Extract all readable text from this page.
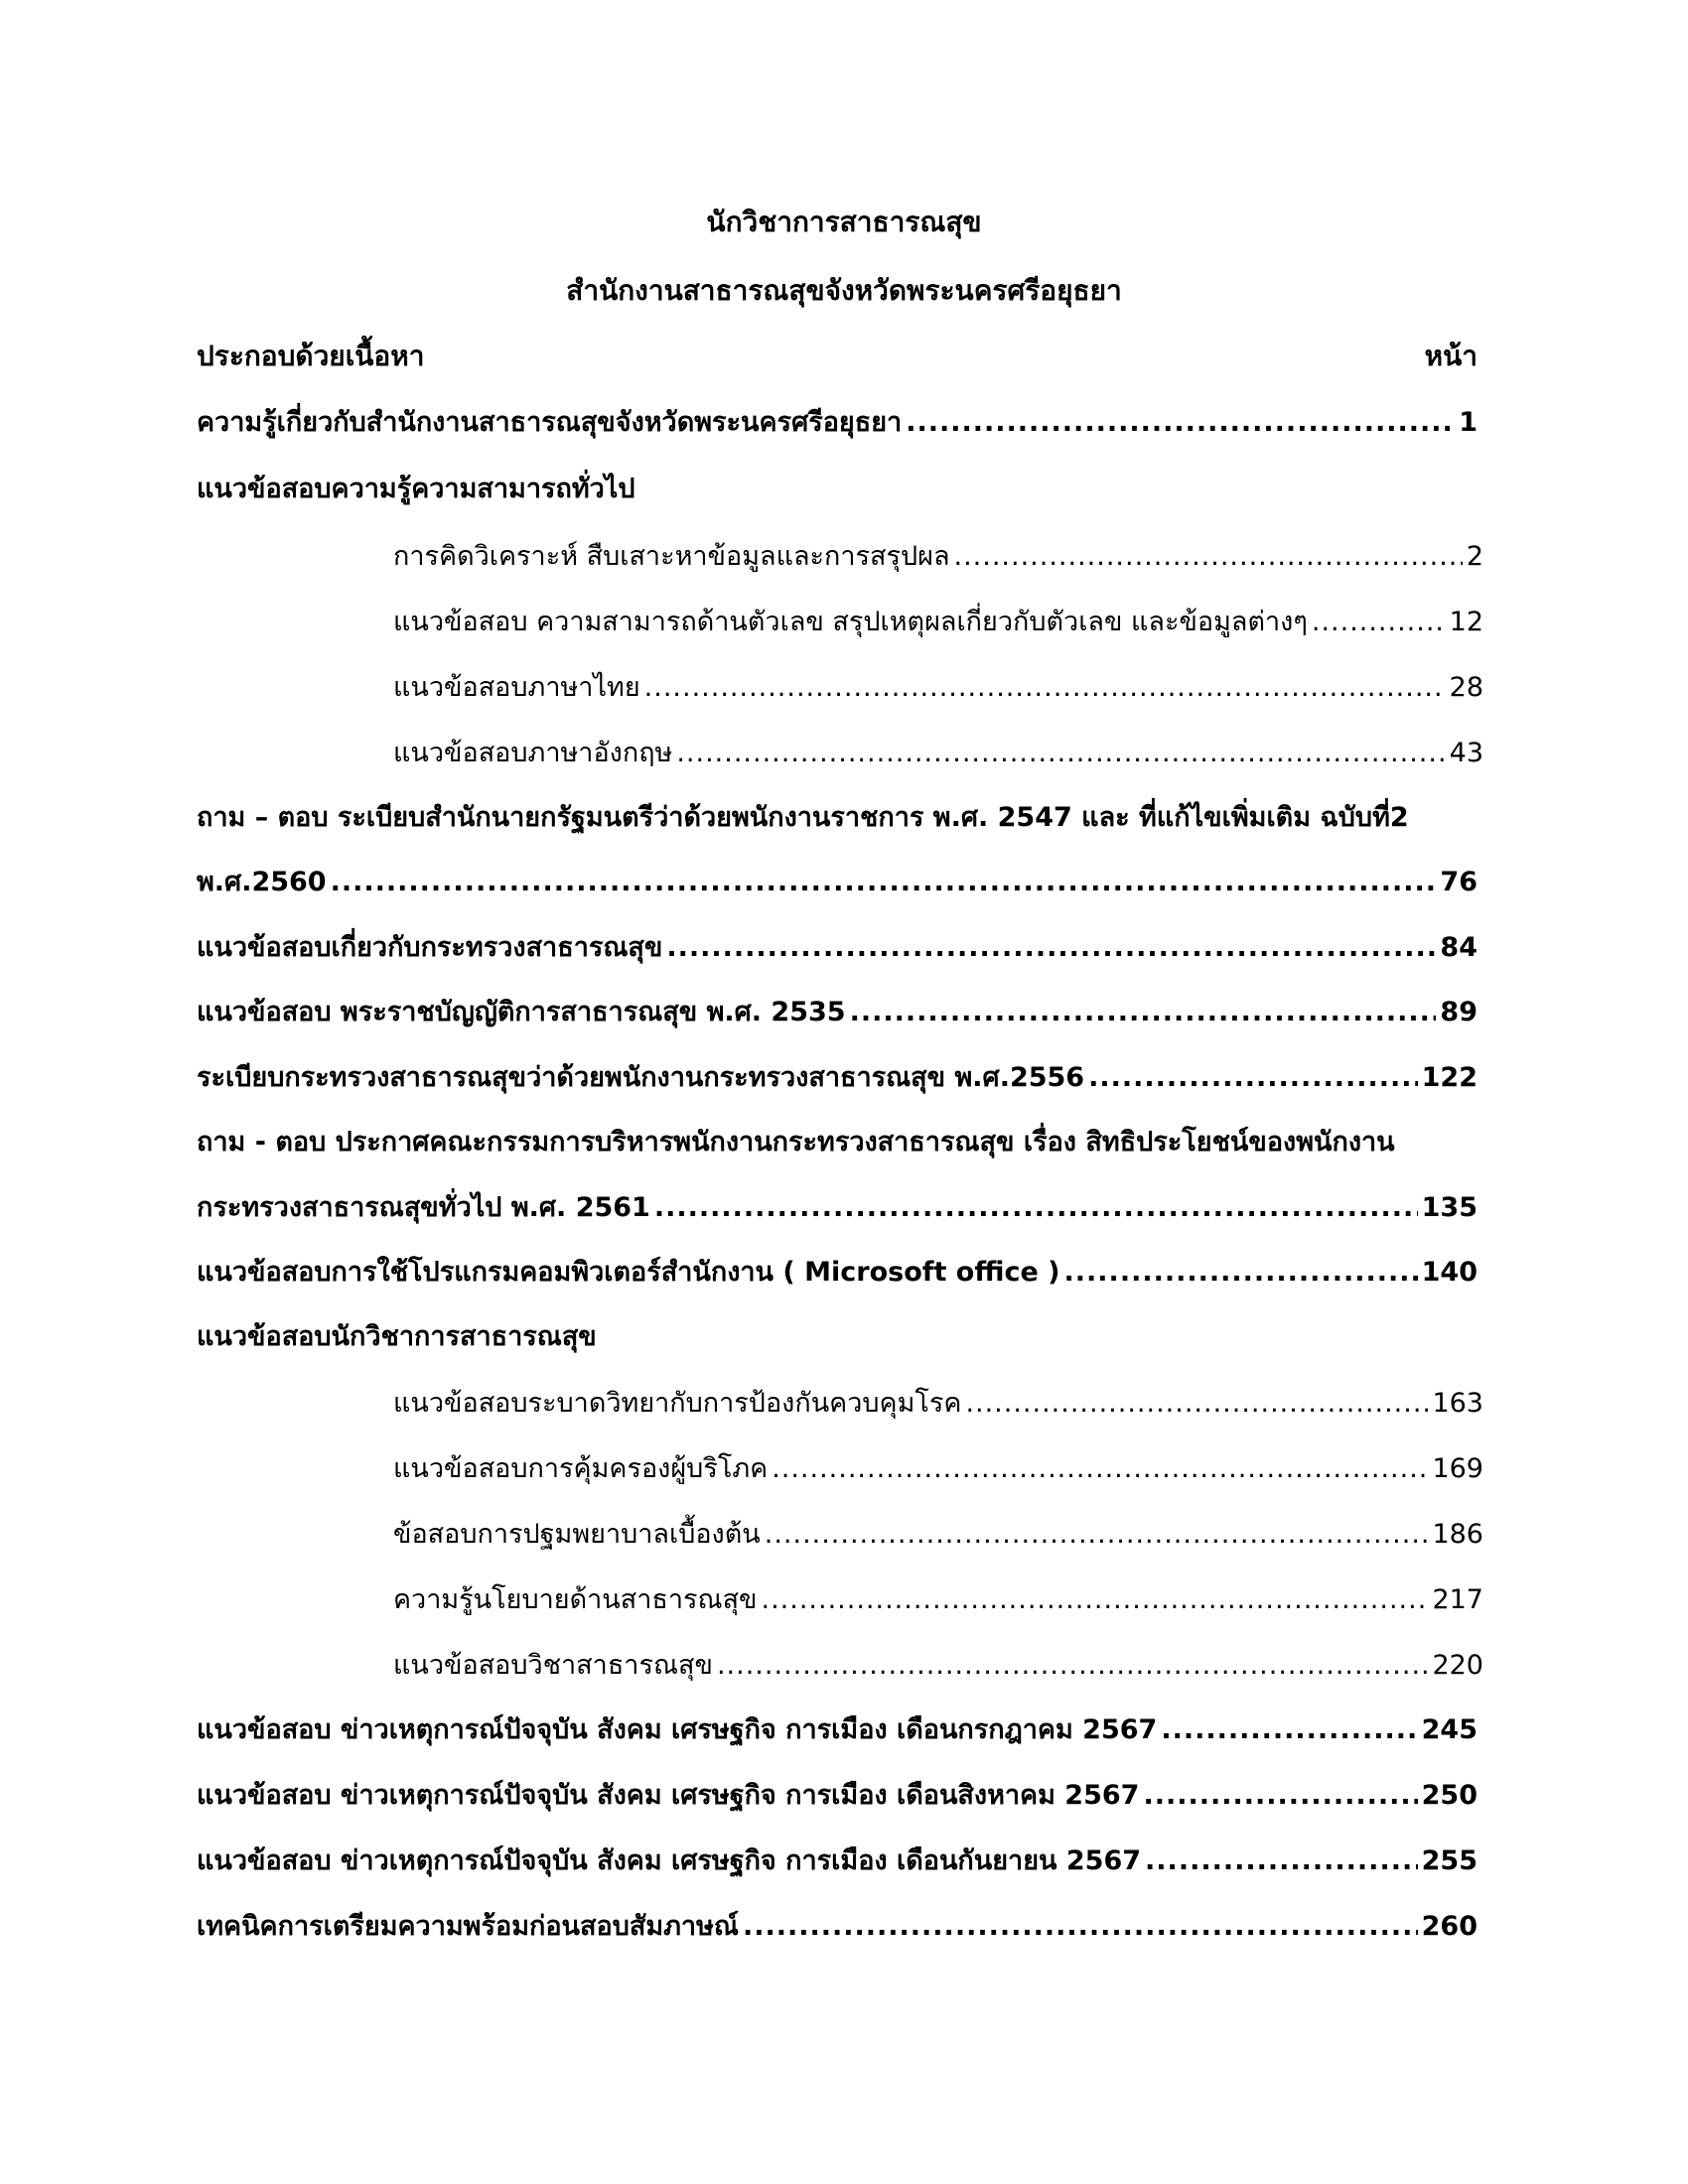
นักวิชาการสาธารณสุข
สำนักงานสาธารณสุขจังหวัดพระนครศรีอยุธยา
ประกอบด้วยเนื้อหา	หน้า
ความรู้เกี่ยวกับสำนักงานสาธารณสุขจังหวัดพระนครศรีอยุธยา .....	1
แนวข้อสอบความรู้ความสามารถทั่วไป
การคิดวิเคราะห์ สืบเสาะหาข้อมูลและการสรุปผล .....	2
แนวข้อสอบ ความสามารถด้านตัวเลข สรุปเหตุผลเกี่ยวกับตัวเลข และข้อมูลต่างๆ .....	12
แนวข้อสอบภาษาไทย .....	28
แนวข้อสอบภาษาอังกฤษ .....	43
ถาม – ตอบ ระเบียบสำนักนายกรัฐมนตรีว่าด้วยพนักงานราชการ พ.ศ. 2547 และ ที่แก้ไขเพิ่มเติม ฉบับที่2
พ.ศ.2560 .....	76
แนวข้อสอบเกี่ยวกับกระทรวงสาธารณสุข .....	84
แนวข้อสอบ พระราชบัญญัติการสาธารณสุข พ.ศ. 2535 .....	89
ระเบียบกระทรวงสาธารณสุขว่าด้วยพนักงานกระทรวงสาธารณสุข พ.ศ.2556 .....	122
ถาม - ตอบ ประกาศคณะกรรมการบริหารพนักงานกระทรวงสาธารณสุข เรื่อง สิทธิประโยชน์ของพนักงาน
กระทรวงสาธารณสุขทั่วไป พ.ศ. 2561 .....	135
แนวข้อสอบการใช้โปรแกรมคอมพิวเตอร์สำนักงาน ( Microsoft office ) .....	140
แนวข้อสอบนักวิชาการสาธารณสุข
แนวข้อสอบระบาดวิทยากับการป้องกันควบคุมโรค .....	163
แนวข้อสอบการคุ้มครองผู้บริโภค .....	169
ข้อสอบการปฐมพยาบาลเบื้องต้น .....	186
ความรู้นโยบายด้านสาธารณสุข .....	217
แนวข้อสอบวิชาสาธารณสุข .....	220
แนวข้อสอบ ข่าวเหตุการณ์ปัจจุบัน สังคม เศรษฐกิจ การเมือง เดือนกรกฎาคม 2567 .....	245
แนวข้อสอบ ข่าวเหตุการณ์ปัจจุบัน สังคม เศรษฐกิจ การเมือง เดือนสิงหาคม 2567 .....	250
แนวข้อสอบ ข่าวเหตุการณ์ปัจจุบัน สังคม เศรษฐกิจ การเมือง เดือนกันยายน 2567 .....	255
เทคนิคการเตรียมความพร้อมก่อนสอบสัมภาษณ์ .....	260
